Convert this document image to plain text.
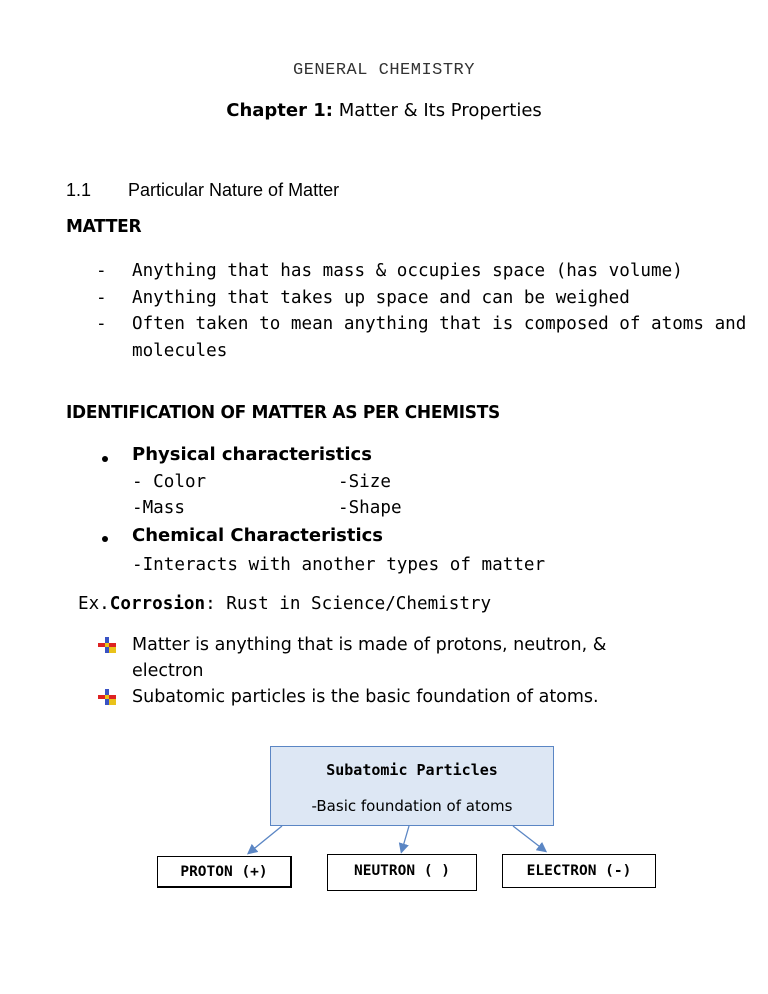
GENERAL CHEMISTRY
Chapter 1: Matter & Its Properties
1.1 Particular Nature of Matter
MATTER
-	Anything that has mass & occupies space (has volume)
-	Anything that takes up space and can be weighed
-	Often taken to mean anything that is composed of atoms and molecules
IDENTIFICATION OF MATTER AS PER CHEMISTS
Physical characteristics
- Color	-Size
-Mass	-Shape
Chemical Characteristics
-Interacts with another types of matter
Ex.Corrosion: Rust in Science/Chemistry
Matter is anything that is made of protons, neutron, & electron
Subatomic particles is the basic foundation of atoms.
Subatomic Particles
-Basic foundation of atoms
PROTON (+)	NEUTRON ( )	ELECTRON (-)
